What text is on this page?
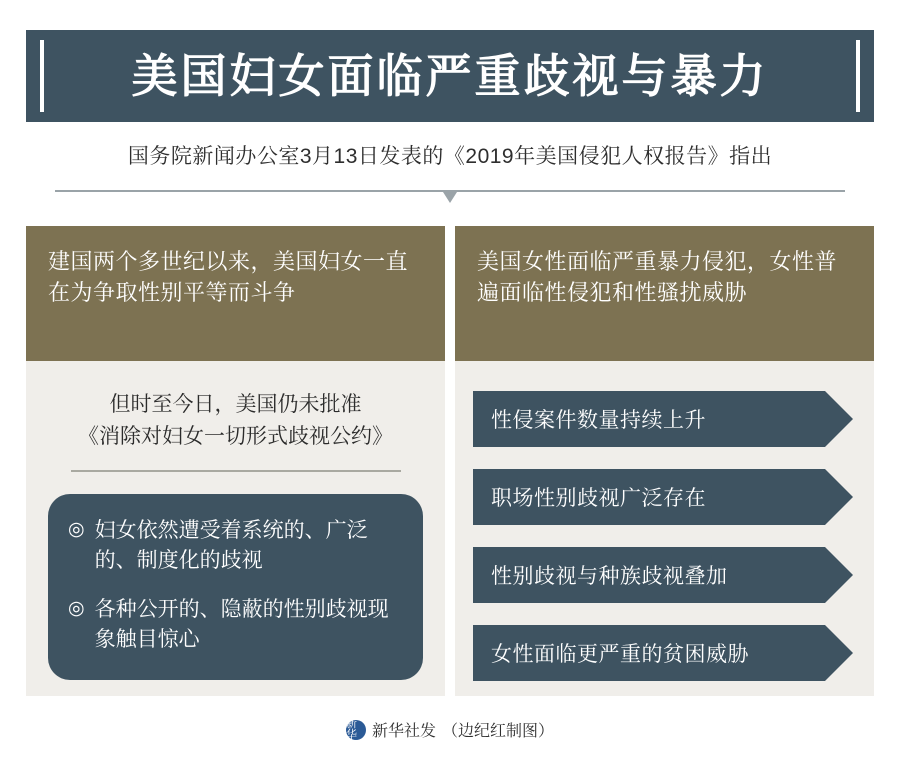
美国妇女面临严重歧视与暴力
国务院新闻办公室3月13日发表的《2019年美国侵犯人权报告》指出
建国两个多世纪以来，美国妇女一直在为争取性别平等而斗争
但时至今日，美国仍未批准
《消除对妇女一切形式歧视公约》
◎ 妇女依然遭受着系统的、广泛的、制度化的歧视
◎ 各种公开的、隐蔽的性别歧视现象触目惊心
美国女性面临严重暴力侵犯，女性普遍面临性侵犯和性骚扰威胁
性侵案件数量持续上升
职场性别歧视广泛存在
性别歧视与种族歧视叠加
女性面临更严重的贫困威胁
新华 新华社发 （边纪红制图）
